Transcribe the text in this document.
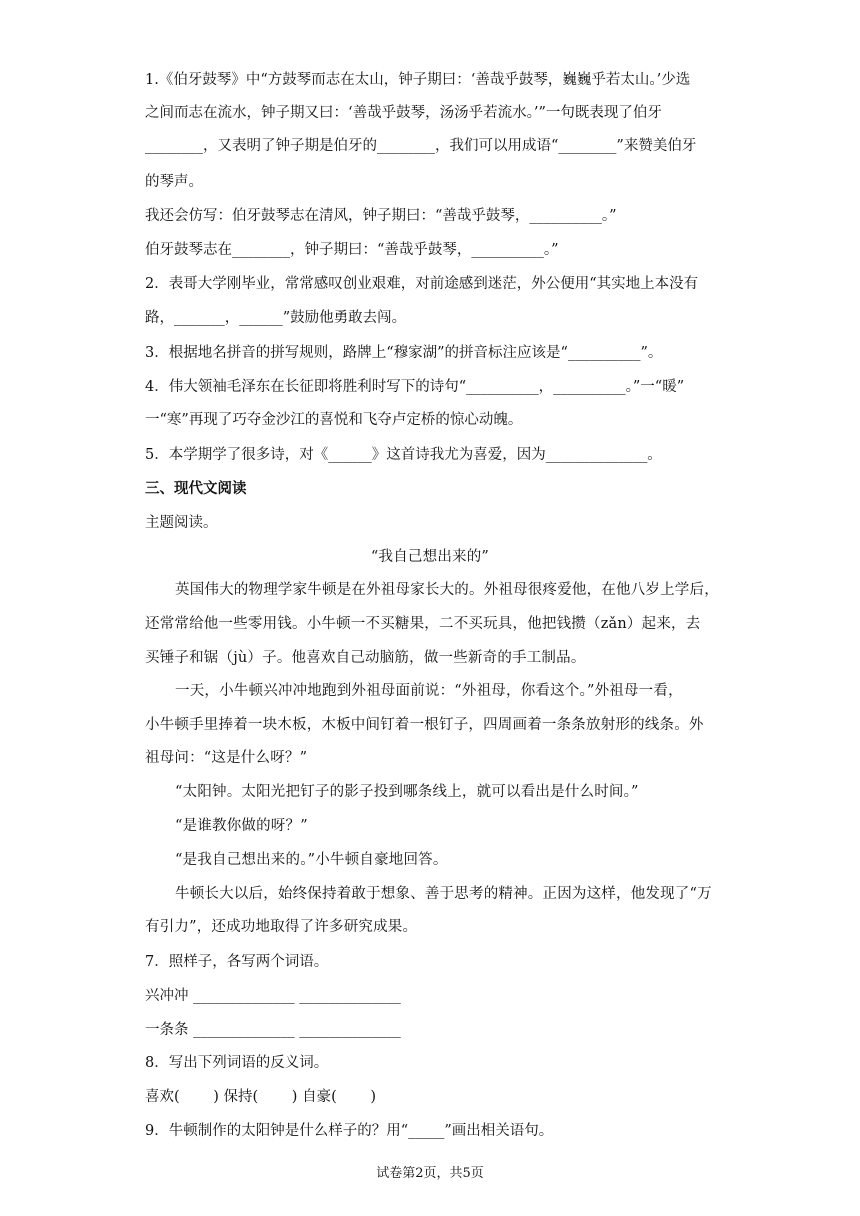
1.《伯牙鼓琴》中“方鼓琴而志在太山，钟子期曰：‘善哉乎鼓琴，巍巍乎若太山。’少选
之间而志在流水，钟子期又曰：‘善哉乎鼓琴，汤汤乎若流水。’”一句既表现了伯牙
________，又表明了钟子期是伯牙的________，我们可以用成语“________”来赞美伯牙
的琴声。
我还会仿写：伯牙鼓琴志在清风，钟子期曰：“善哉乎鼓琴，__________。”
伯牙鼓琴志在________，钟子期曰：“善哉乎鼓琴，__________。”
2．表哥大学刚毕业，常常感叹创业艰难，对前途感到迷茫，外公便用“其实地上本没有
路，_______，______”鼓励他勇敢去闯。
3．根据地名拼音的拼写规则，路牌上“穆家湖”的拼音标注应该是“__________”。
4．伟大领袖毛泽东在长征即将胜利时写下的诗句“__________，__________。”一“暖”
一“寒”再现了巧夺金沙江的喜悦和飞夺卢定桥的惊心动魄。
5．本学期学了很多诗，对《______》这首诗我尤为喜爱，因为______________。
三、现代文阅读
主题阅读。
“我自己想出来的”
英国伟大的物理学家牛顿是在外祖母家长大的。外祖母很疼爱他，在他八岁上学后，
还常常给他一些零用钱。小牛顿一不买糖果，二不买玩具，他把钱攒（zǎn）起来，去
买锤子和锯（jù）子。他喜欢自己动脑筋，做一些新奇的手工制品。
一天，小牛顿兴冲冲地跑到外祖母面前说：“外祖母，你看这个。”外祖母一看，
小牛顿手里捧着一块木板，木板中间钉着一根钉子，四周画着一条条放射形的线条。外
祖母问：“这是什么呀？”
“太阳钟。太阳光把钉子的影子投到哪条线上，就可以看出是什么时间。”
“是谁教你做的呀？”
“是我自己想出来的。”小牛顿自豪地回答。
牛顿长大以后，始终保持着敢于想象、善于思考的精神。正因为这样，他发现了“万
有引力”，还成功地取得了许多研究成果。
7．照样子，各写两个词语。
兴冲冲 ______________ ______________
一条条 ______________ ______________
8．写出下列词语的反义词。
喜欢(　　 ) 保持(　　 ) 自豪(　　 )
9．牛顿制作的太阳钟是什么样子的？用“_____”画出相关语句。
试卷第2页，共5页
